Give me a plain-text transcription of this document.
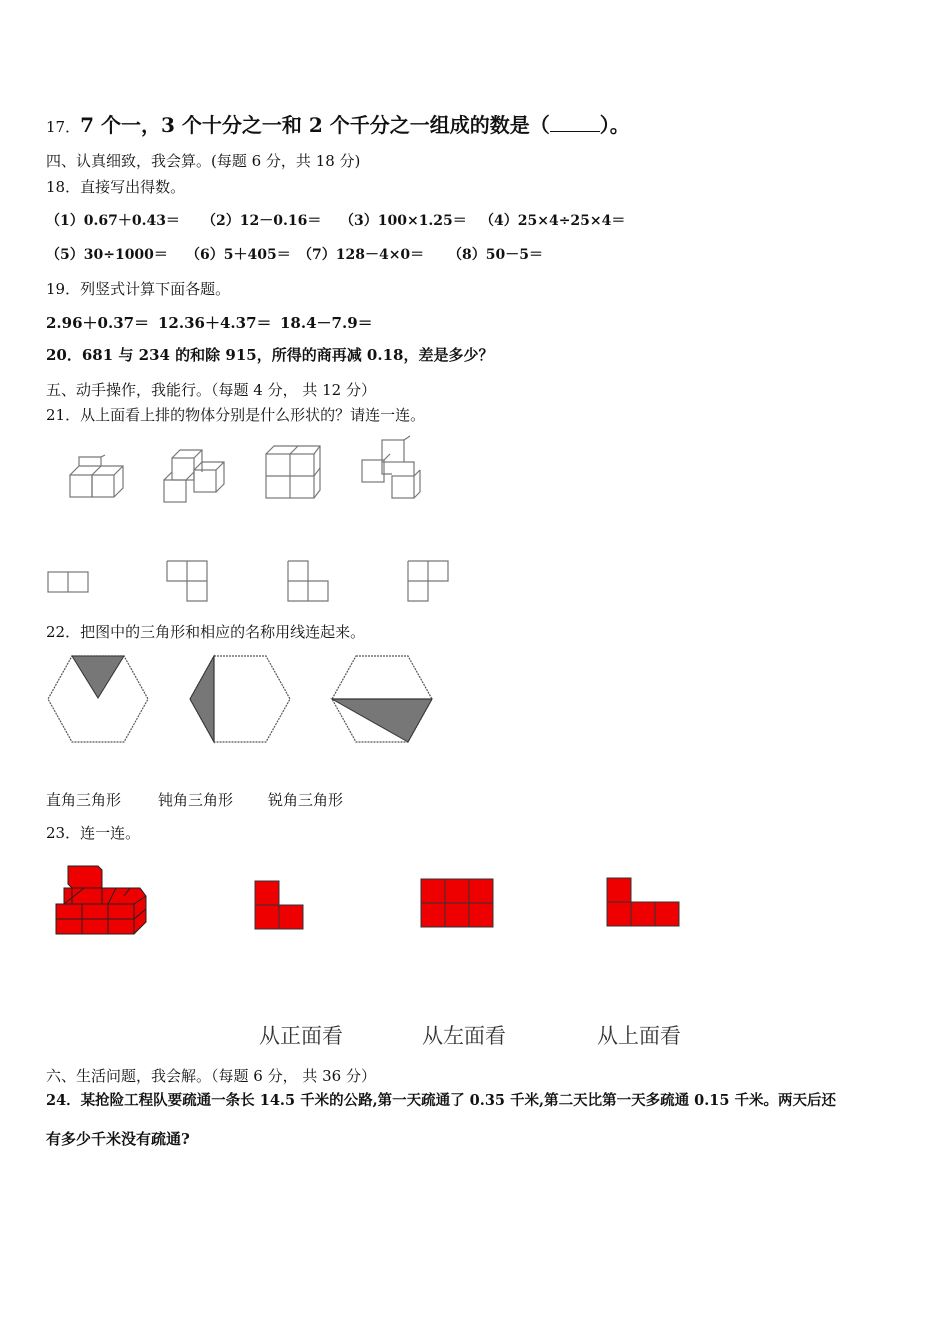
17．7 个一，3 个十分之一和 2 个千分之一组成的数是（	）。
四、认真细致，我会算。(每题 6 分，共 18 分)
18．直接写出得数。
（1）0.67＋0.43＝ （2）12－0.16＝ （3）100×1.25＝ （4）25×4÷25×4＝
（5）30÷1000＝ （6）5＋405＝ （7）128－4×0＝ （8）50－5＝
19．列竖式计算下面各题。
2.96＋0.37＝ 12.36＋4.37＝ 18.4－7.9＝
20．681 与 234 的和除 915，所得的商再减 0.18，差是多少？
五、动手操作，我能行。（每题 4 分， 共 12 分）
21．从上面看上排的物体分别是什么形状的？请连一连。
22．把图中的三角形和相应的名称用线连起来。
直角三角形 钝角三角形 锐角三角形
23．连一连。
从正面看	从左面看	从上面看
六、生活问题，我会解。（每题 6 分， 共 36 分）
24．某抢险工程队要疏通一条长 14.5 千米的公路,第一天疏通了 0.35 千米,第二天比第一天多疏通 0.15 千米。两天后还
有多少千米没有疏通?
